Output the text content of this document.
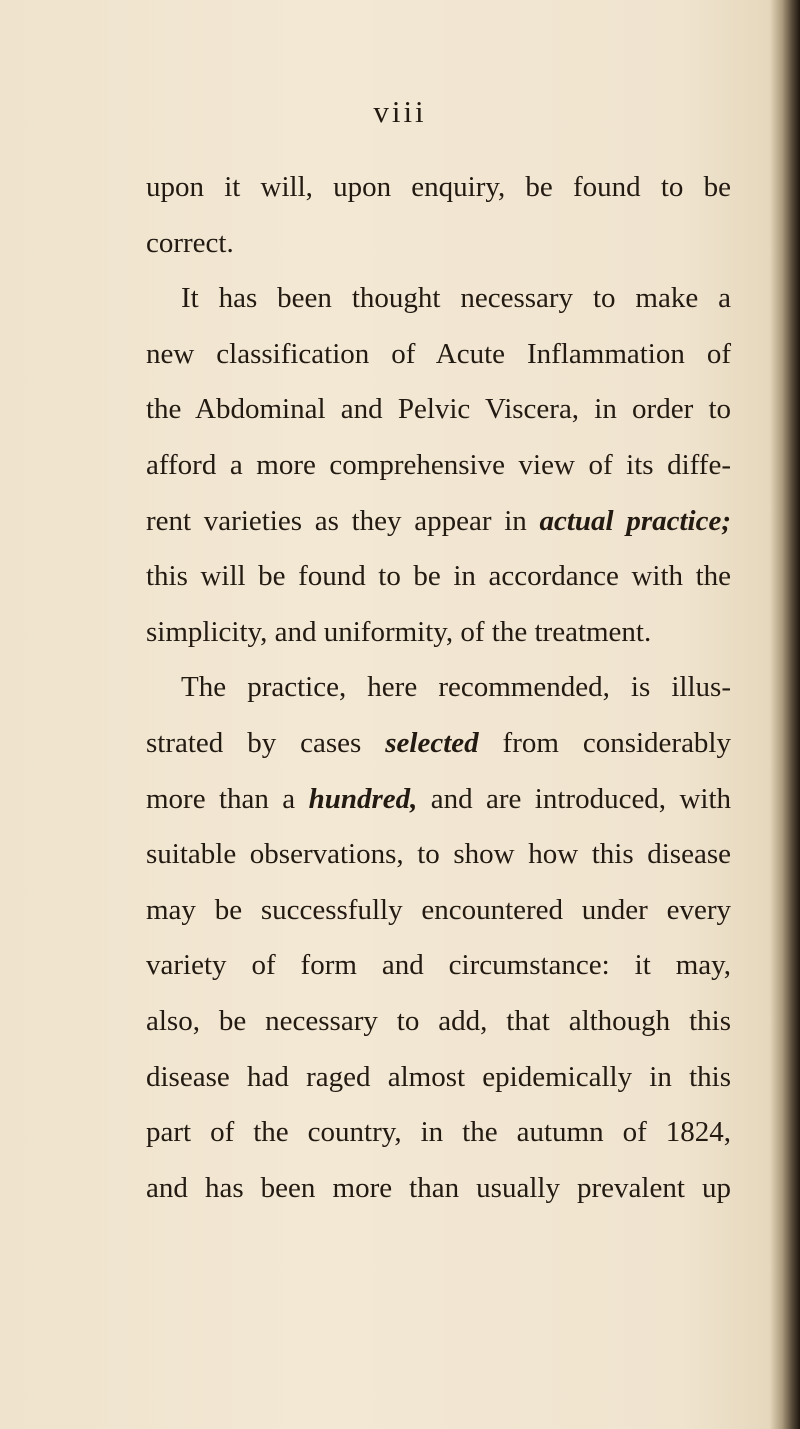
viii
upon it will, upon enquiry, be found to be
correct.
It has been thought necessary to make a
new classification of Acute Inflammation of
the Abdominal and Pelvic Viscera, in order to
afford a more comprehensive view of its diffe-
rent varieties as they appear in actual practice;
this will be found to be in accordance with the
simplicity, and uniformity, of the treatment.
The practice, here recommended, is illus-
strated by cases selected from considerably
more than a hundred, and are introduced, with
suitable observations, to show how this disease
may be successfully encountered under every
variety of form and circumstance: it may,
also, be necessary to add, that although this
disease had raged almost epidemically in this
part of the country, in the autumn of 1824,
and has been more than usually prevalent up
